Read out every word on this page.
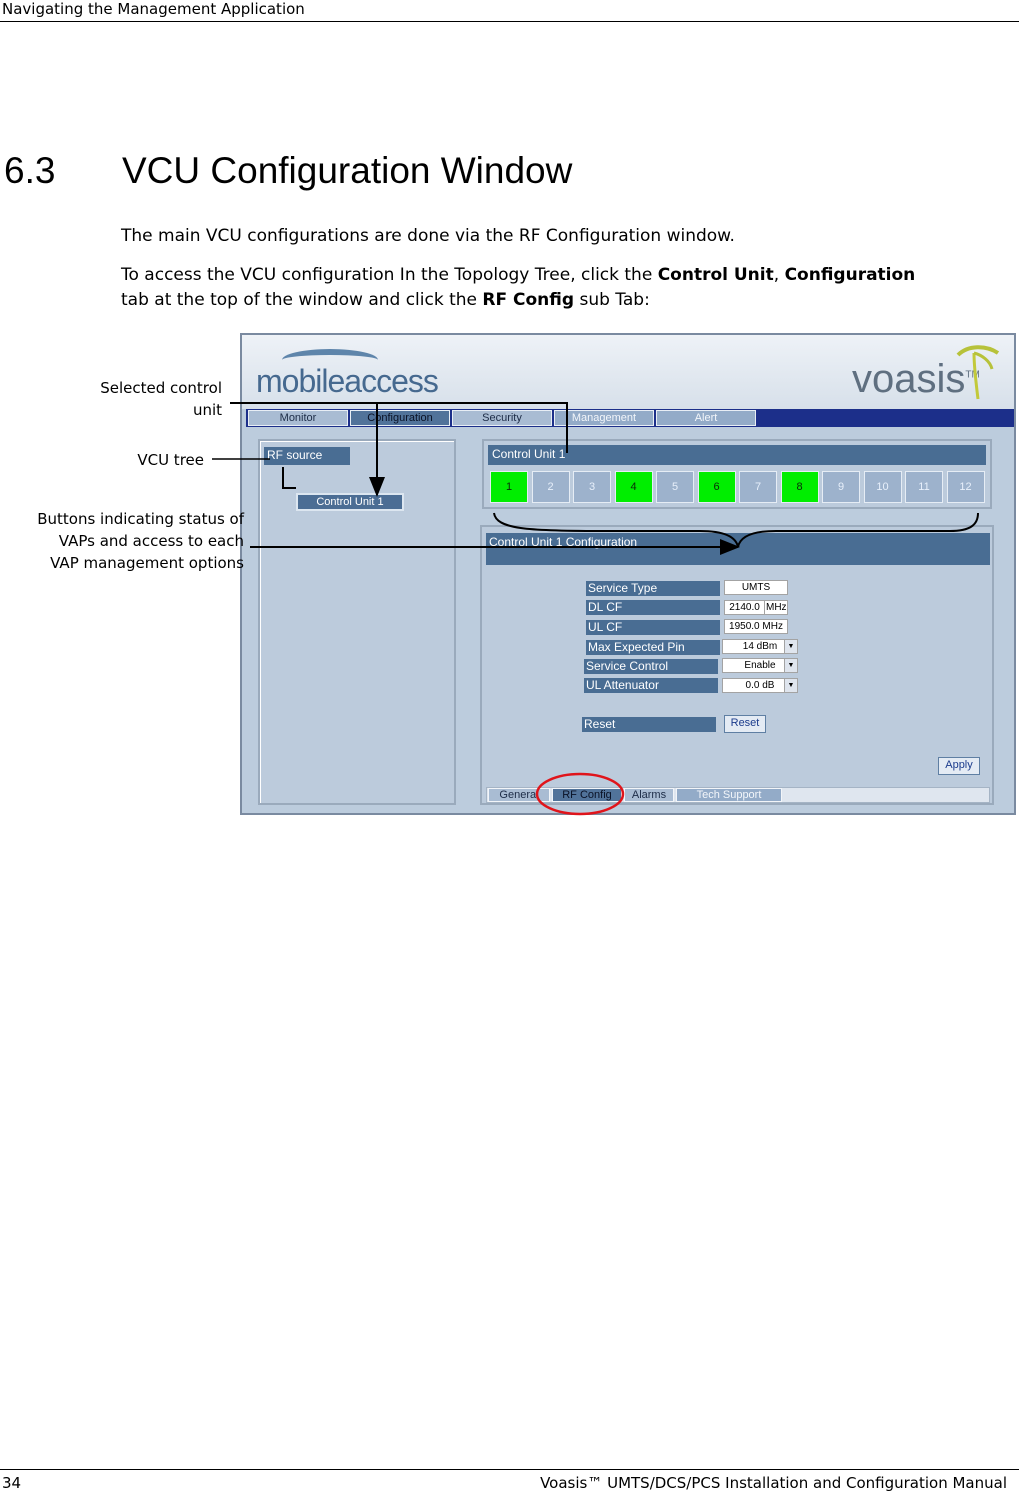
Navigating the Management Application
6.3 VCU Configuration Window

The main VCU configurations are done via the RF Configuration window.

To access the VCU configuration In the Topology Tree, click the Control Unit, Configuration
tab at the top of the window and click the RF Config sub Tab:

mobileaccess	voasis™
Monitor	Configuration	Security	Management	Alert
RF source
Control Unit 1
Control Unit 1
1	2	3	4	5	6	7	8	9	10	11	12
Control Unit 1 Configuration
Service Type	UMTS
DL CF	2140.0 MHz
UL CF	1950.0 MHz
Max Expected Pin	14 dBm	▼
Service Control	Enable	▼
UL Attenuator	0.0 dB	▼
Reset	Reset
Apply
General	RF Config	Alarms	Tech Support
Selected control
unit
VCU tree
Buttons indicating status of
VAPs and access to each
VAP management options
34	Voasis™ UMTS/DCS/PCS Installation and Configuration Manual
